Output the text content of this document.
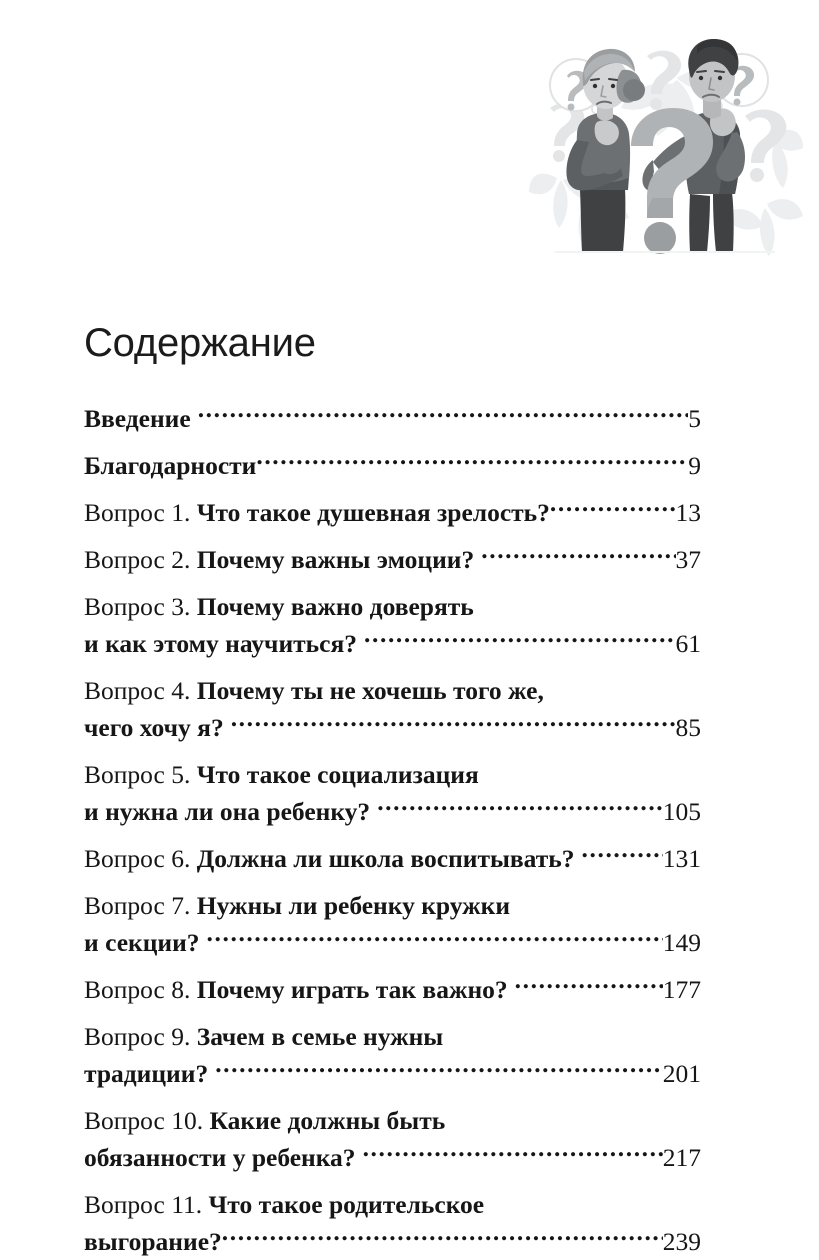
Содержание
Введение .....	5
Благодарности .....	9
Вопрос 1. Что такое душевная зрелость? .....	13
Вопрос 2. Почему важны эмоции? .....	37
Вопрос 3. Почему важно доверять
и как этому научиться? .....	61
Вопрос 4. Почему ты не хочешь того же,
чего хочу я? .....	85
Вопрос 5. Что такое социализация
и нужна ли она ребенку? .....	105
Вопрос 6. Должна ли школа воспитывать? .....	131
Вопрос 7. Нужны ли ребенку кружки
и секции? .....	149
Вопрос 8. Почему играть так важно? .....	177
Вопрос 9. Зачем в семье нужны
традиции? .....	201
Вопрос 10. Какие должны быть
обязанности у ребенка? .....	217
Вопрос 11. Что такое родительское
выгорание? .....	239
